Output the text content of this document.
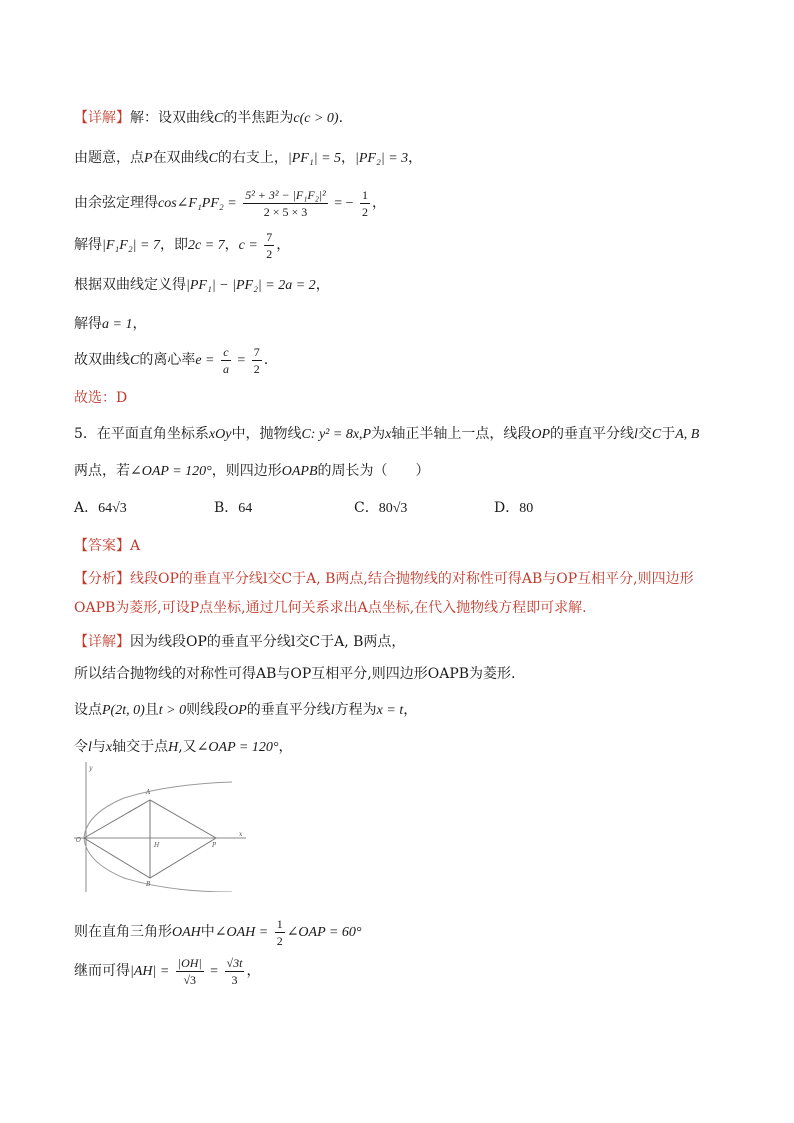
【详解】解：设双曲线C的半焦距为c(c > 0).
由题意，点P在双曲线C的右支上，|PF₁| = 5，|PF₂| = 3，
由余弦定理得cos∠F₁PF₂ = $\frac{\text{5² + 3² − |F₁F₂|²}}{2 \times 5 \times 3}$ = − $\frac{1}{2}$ ，
解得|F₁F₂| = 7，即2c = 7，$c = \frac{7}{2}$ ，
根据双曲线定义得|PF₁| − |PF₂| = 2a = 2，
解得a = 1，
故双曲线C的离心率$e = \frac{c}{a} = \frac{7}{2}$ .
故选：D
5．在平面直角坐标系xOy中，抛物线C: y² = 8x,P为x轴正半轴上一点，线段OP的垂直平分线l交C于A, B
两点，若∠OAP = 120°，则四边形OAPB的周长为（　　）
A．64√3	B．64	C．80√3	D．80
【答案】A
【分析】线段OP的垂直平分线l交C于A, B两点,结合抛物线的对称性可得AB与OP互相平分,则四边形
OAPB为菱形,可设P点坐标,通过几何关系求出A点坐标,在代入抛物线方程即可求解.
【详解】因为线段OP的垂直平分线l交C于A, B两点，
所以结合抛物线的对称性可得AB与OP互相平分,则四边形OAPB为菱形.
设点P(2t, 0)且t > 0则线段OP的垂直平分线l方程为x = t，
令l与x轴交于点H,又∠OAP = 120°，
O
A
B
H	P
x
y
则在直角三角形OAH中∠OAH = $\frac{1}{2}$ ∠OAP = 60°
继而可得$|AH| = \frac{|OH|}{√3} = \frac{√3t}{3}$ ，
